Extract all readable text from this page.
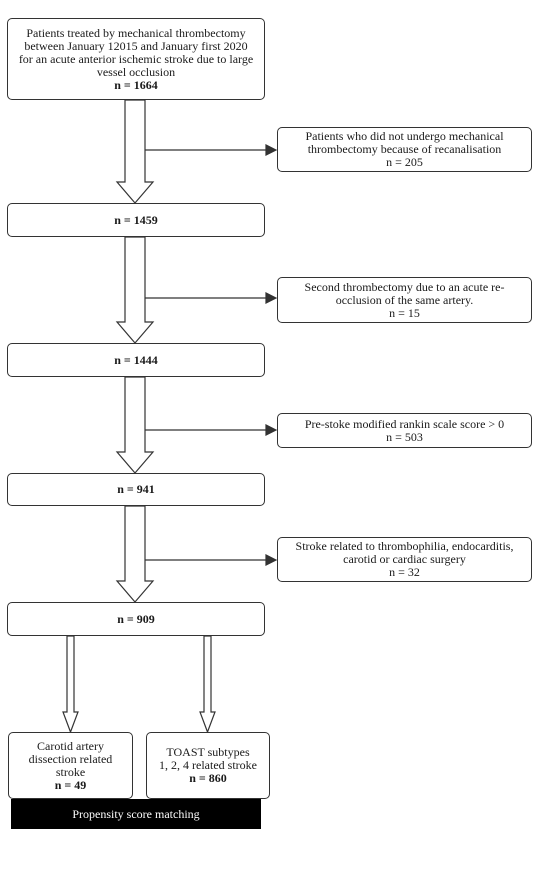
Patients treated by mechanical thrombectomy
between January 12015 and January first 2020
for an acute anterior ischemic stroke due to large
vessel occlusion
n = 1664
n = 1459
n = 1444
n = 941
n = 909
Patients who did not undergo mechanical
thrombectomy because of recanalisation
n = 205
Second thrombectomy due to an acute re-
occlusion of the same artery.
n = 15
Pre-stoke modified rankin scale score > 0
n = 503
Stroke related to thrombophilia, endocarditis,
carotid or cardiac surgery
n = 32
Carotid artery
dissection related
stroke
n = 49
TOAST subtypes
1, 2, 4 related stroke
n = 860
Propensity score matching
